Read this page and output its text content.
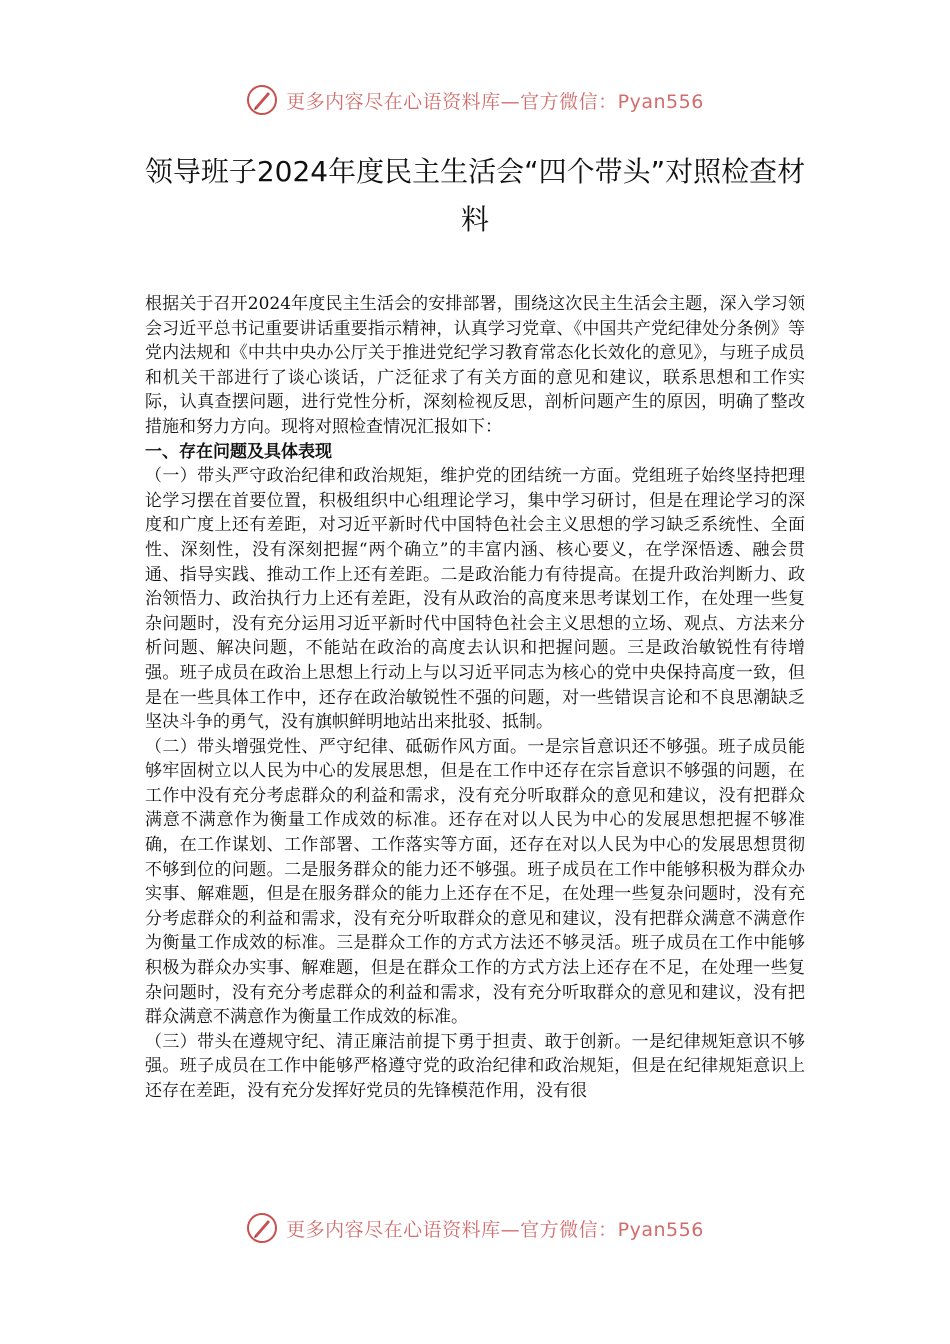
更多内容尽在心语资料库—官方微信：Pyan556
领导班子2024年度民主生活会“四个带头”对照检查材料

根据关于召开2024年度民主生活会的安排部署，围绕这次民主生活会主题，深入学习领会习近平总书记重要讲话重要指示精神，认真学习党章、《中国共产党纪律处分条例》等党内法规和《中共中央办公厅关于推进党纪学习教育常态化长效化的意见》，与班子成员和机关干部进行了谈心谈话，广泛征求了有关方面的意见和建议，联系思想和工作实际，认真查摆问题，进行党性分析，深刻检视反思，剖析问题产生的原因，明确了整改措施和努力方向。现将对照检查情况汇报如下：

一、存在问题及具体表现

（一）带头严守政治纪律和政治规矩，维护党的团结统一方面。党组班子始终坚持把理论学习摆在首要位置，积极组织中心组理论学习，集中学习研讨，但是在理论学习的深度和广度上还有差距，对习近平新时代中国特色社会主义思想的学习缺乏系统性、全面性、深刻性，没有深刻把握“两个确立”的丰富内涵、核心要义，在学深悟透、融会贯通、指导实践、推动工作上还有差距。二是政治能力有待提高。在提升政治判断力、政治领悟力、政治执行力上还有差距，没有从政治的高度来思考谋划工作，在处理一些复杂问题时，没有充分运用习近平新时代中国特色社会主义思想的立场、观点、方法来分析问题、解决问题，不能站在政治的高度去认识和把握问题。三是政治敏锐性有待增强。班子成员在政治上思想上行动上与以习近平同志为核心的党中央保持高度一致，但是在一些具体工作中，还存在政治敏锐性不强的问题，对一些错误言论和不良思潮缺乏坚决斗争的勇气，没有旗帜鲜明地站出来批驳、抵制。

（二）带头增强党性、严守纪律、砥砺作风方面。一是宗旨意识还不够强。班子成员能够牢固树立以人民为中心的发展思想，但是在工作中还存在宗旨意识不够强的问题，在工作中没有充分考虑群众的利益和需求，没有充分听取群众的意见和建议，没有把群众满意不满意作为衡量工作成效的标准。还存在对以人民为中心的发展思想把握不够准确，在工作谋划、工作部署、工作落实等方面，还存在对以人民为中心的发展思想贯彻不够到位的问题。二是服务群众的能力还不够强。班子成员在工作中能够积极为群众办实事、解难题，但是在服务群众的能力上还存在不足，在处理一些复杂问题时，没有充分考虑群众的利益和需求，没有充分听取群众的意见和建议，没有把群众满意不满意作为衡量工作成效的标准。三是群众工作的方式方法还不够灵活。班子成员在工作中能够积极为群众办实事、解难题，但是在群众工作的方式方法上还存在不足，在处理一些复杂问题时，没有充分考虑群众的利益和需求，没有充分听取群众的意见和建议，没有把群众满意不满意作为衡量工作成效的标准。

（三）带头在遵规守纪、清正廉洁前提下勇于担责、敢于创新。一是纪律规矩意识不够强。班子成员在工作中能够严格遵守党的政治纪律和政治规矩，但是在纪律规矩意识上还存在差距，没有充分发挥好党员的先锋模范作用，没有很

更多内容尽在心语资料库—官方微信：Pyan556
